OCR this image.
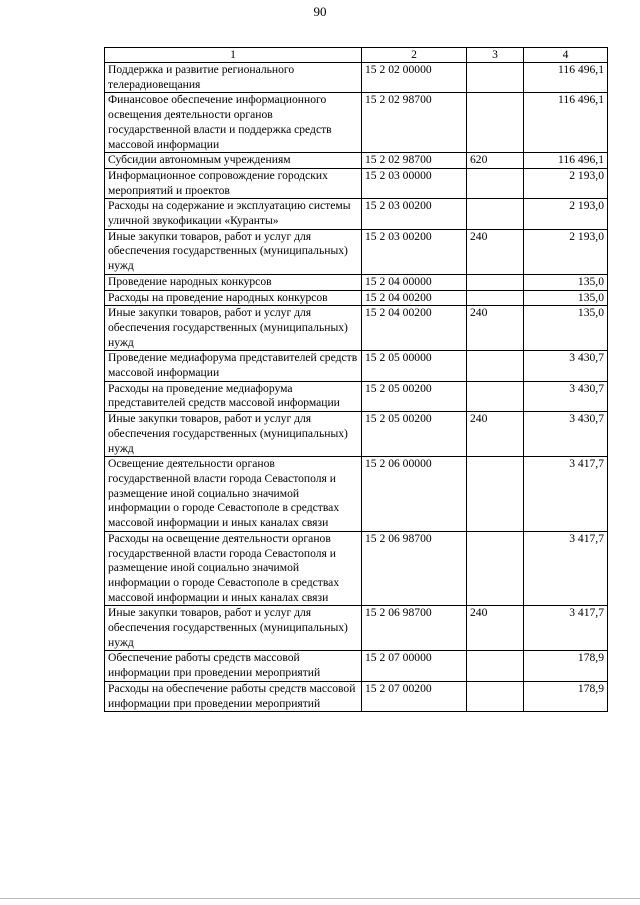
90
1	2	3	4
Поддержка и развитие регионального телерадиовещания	15 2 02 00000		116 496,1
Финансовое обеспечение информационного освещения деятельности органов государственной власти и поддержка средств массовой информации	15 2 02 98700		116 496,1
Субсидии автономным учреждениям	15 2 02 98700	620	116 496,1
Информационное сопровождение городских мероприятий и проектов	15 2 03 00000		2 193,0
Расходы на содержание и эксплуатацию системы уличной звукофикации «Куранты»	15 2 03 00200		2 193,0
Иные закупки товаров, работ и услуг для обеспечения государственных (муниципальных) нужд	15 2 03 00200	240	2 193,0
Проведение народных конкурсов	15 2 04 00000		135,0
Расходы на проведение народных конкурсов	15 2 04 00200		135,0
Иные закупки товаров, работ и услуг для обеспечения государственных (муниципальных) нужд	15 2 04 00200	240	135,0
Проведение медиафорума представителей средств массовой информации	15 2 05 00000		3 430,7
Расходы на проведение медиафорума представителей средств массовой информации	15 2 05 00200		3 430,7
Иные закупки товаров, работ и услуг для обеспечения государственных (муниципальных) нужд	15 2 05 00200	240	3 430,7
Освещение деятельности органов государственной власти города Севастополя и размещение иной социально значимой информации о городе Севастополе в средствах массовой информации и иных каналах связи	15 2 06 00000		3 417,7
Расходы на освещение деятельности органов государственной власти города Севастополя и размещение иной социально значимой информации о городе Севастополе в средствах массовой информации и иных каналах связи	15 2 06 98700		3 417,7
Иные закупки товаров, работ и услуг для обеспечения государственных (муниципальных) нужд	15 2 06 98700	240	3 417,7
Обеспечение работы средств массовой информации при проведении мероприятий	15 2 07 00000		178,9
Расходы на обеспечение работы средств массовой информации при проведении мероприятий	15 2 07 00200		178,9
